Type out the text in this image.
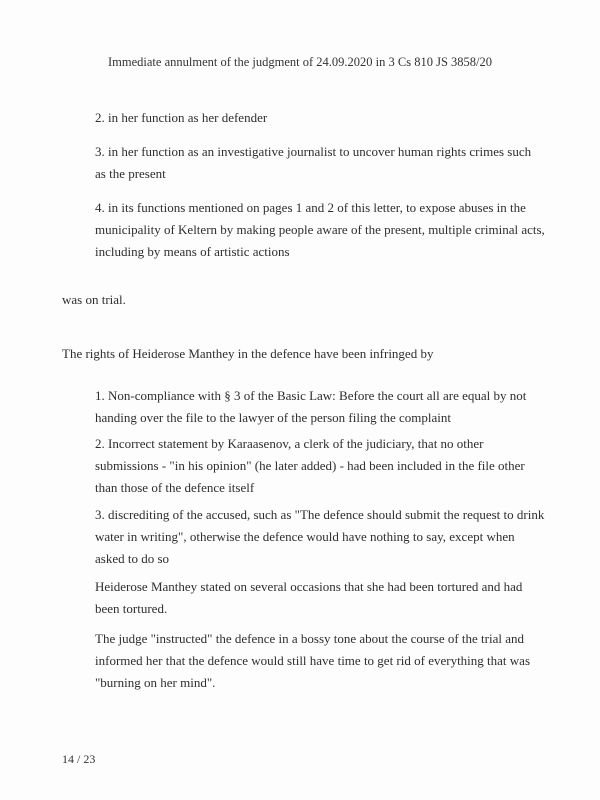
Immediate annulment of the judgment of 24.09.2020 in 3 Cs 810 JS 3858/20
2. in her function as her defender
3. in her function as an investigative journalist to uncover human rights crimes such as the present
4. in its functions mentioned on pages 1 and 2 of this letter, to expose abuses in the municipality of Keltern by making people aware of the present, multiple criminal acts, including by means of artistic actions
was on trial.
The rights of Heiderose Manthey in the defence have been infringed by
1. Non-compliance with § 3 of the Basic Law: Before the court all are equal by not handing over the file to the lawyer of the person filing the complaint
2. Incorrect statement by Karaasenov, a clerk of the judiciary, that no other submissions - "in his opinion" (he later added) - had been included in the file other than those of the defence itself
3. discrediting of the accused, such as "The defence should submit the request to drink water in writing", otherwise the defence would have nothing to say, except when asked to do so
Heiderose Manthey stated on several occasions that she had been tortured and had been tortured.
The judge "instructed" the defence in a bossy tone about the course of the trial and informed her that the defence would still have time to get rid of everything that was "burning on her mind".
14 / 23
